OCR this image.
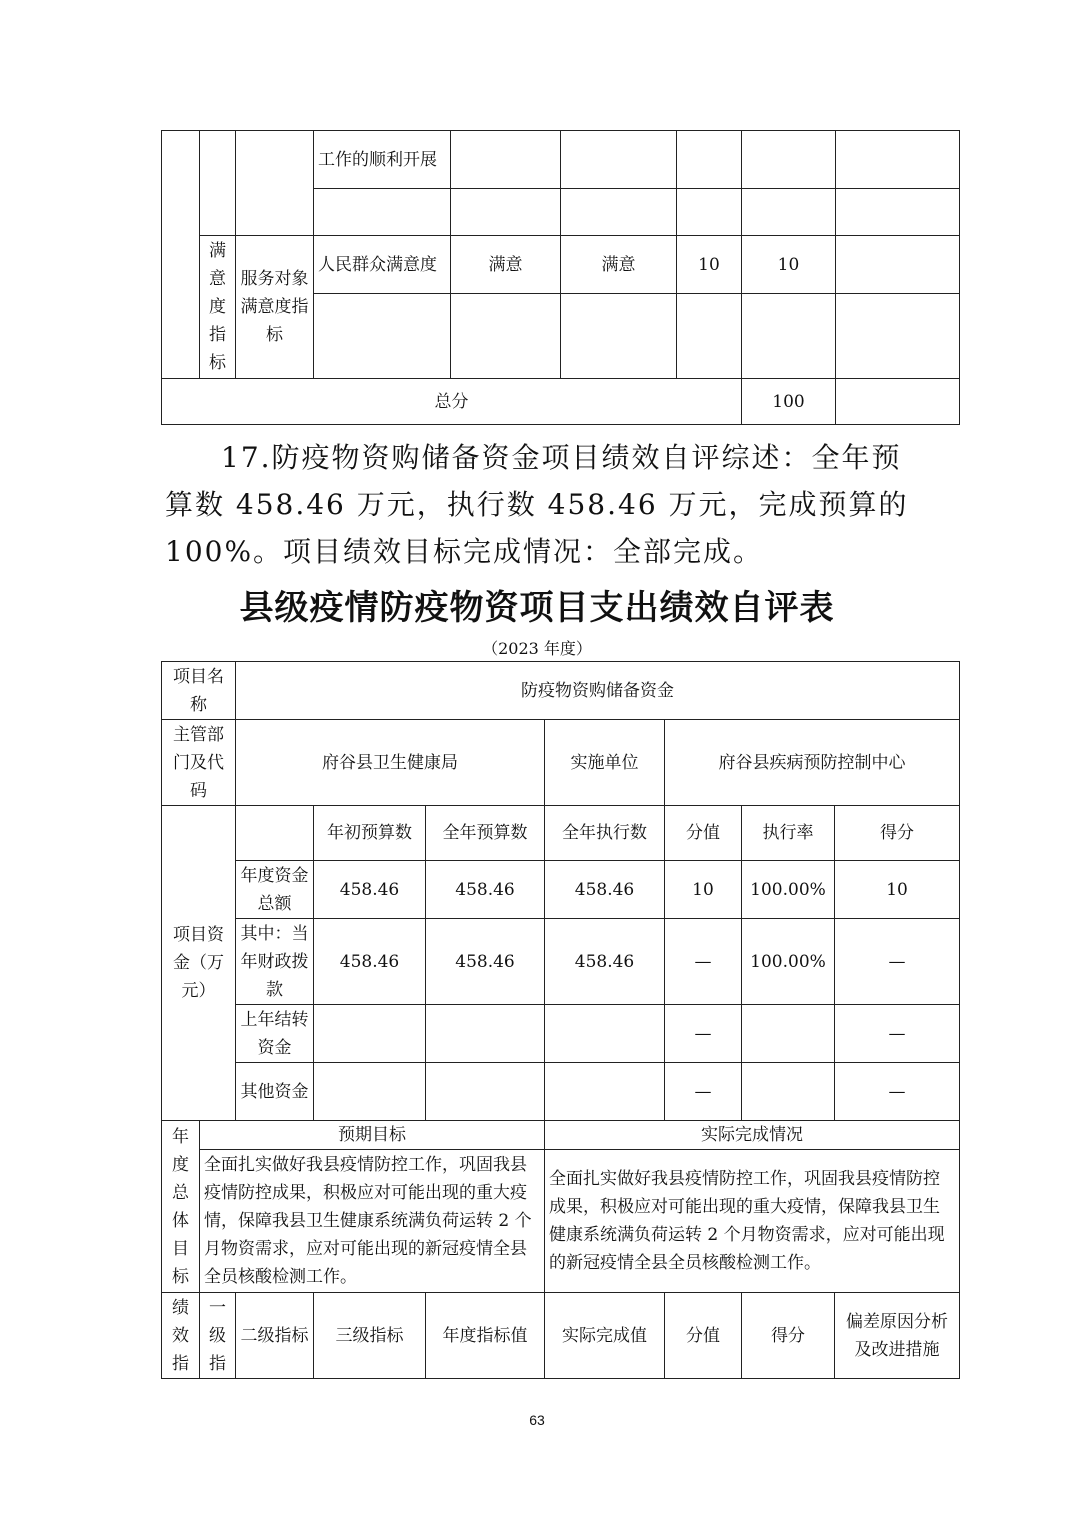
			工作的顺利开展					

	满意度指标	服务对象满意度指标	人民群众满意度	满意	满意	10	10	

总分							100	
17.防疫物资购储备资金项目绩效自评综述：全年预算数 458.46 万元，执行数 458.46 万元，完成预算的 100%。项目绩效目标完成情况：全部完成。
县级疫情防疫物资项目支出绩效自评表
（2023 年度）
项目名称		防疫物资购储备资金						
主管部门及代码		府谷县卫生健康局			实施单位	府谷县疾病预防控制中心		
项目资金（万元）			年初预算数	全年预算数	全年执行数	分值	执行率	得分
		年度资金总额	458.46	458.46	458.46	10	100.00%	10
		其中：当年财政拨款	458.46	458.46	458.46	—	100.00%	—
		上年结转资金				—		—
		其他资金				—		—
年度总体目标	预期目标				实际完成情况			
	全面扎实做好我县疫情防控工作，巩固我县疫情防控成果，积极应对可能出现的重大疫情，保障我县卫生健康系统满负荷运转 2 个月物资需求，应对可能出现的新冠疫情全县全员核酸检测工作。				全面扎实做好我县疫情防控工作，巩固我县疫情防控成果，积极应对可能出现的重大疫情，保障我县卫生健康系统满负荷运转 2 个月物资需求，应对可能出现的新冠疫情全县全员核酸检测工作。			
绩效指	一级指	二级指标	三级指标	年度指标值	实际完成值	分值	得分	偏差原因分析及改进措施
63
